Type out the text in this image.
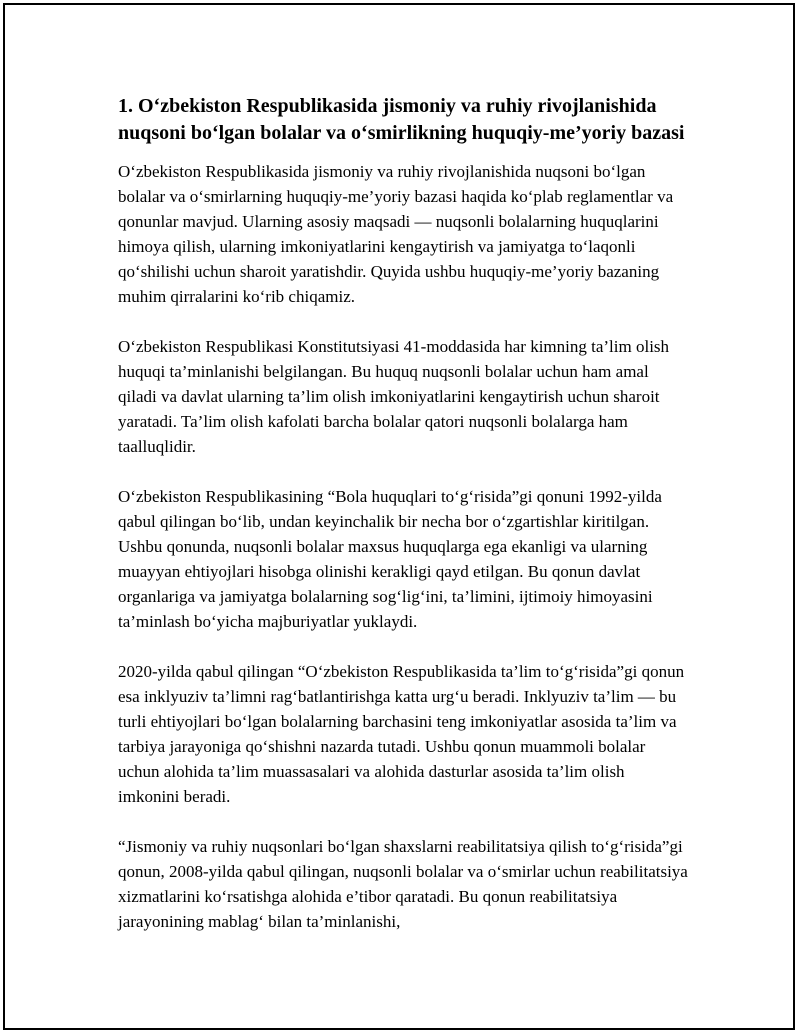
1. O‘zbekiston Respublikasida jismoniy va ruhiy rivojlanishida nuqsoni bo‘lgan bolalar va o‘smirlikning huquqiy-me’yoriy bazasi

O‘zbekiston Respublikasida jismoniy va ruhiy rivojlanishida nuqsoni bo‘lgan bolalar va o‘smirlarning huquqiy-me’yoriy bazasi haqida ko‘plab reglamentlar va qonunlar mavjud. Ularning asosiy maqsadi — nuqsonli bolalarning huquqlarini himoya qilish, ularning imkoniyatlarini kengaytirish va jamiyatga to‘laqonli qo‘shilishi uchun sharoit yaratishdir. Quyida ushbu huquqiy-me’yoriy bazaning muhim qirralarini ko‘rib chiqamiz.

O‘zbekiston Respublikasi Konstitutsiyasi 41-moddasida har kimning ta’lim olish huquqi ta’minlanishi belgilangan. Bu huquq nuqsonli bolalar uchun ham amal qiladi va davlat ularning ta’lim olish imkoniyatlarini kengaytirish uchun sharoit yaratadi. Ta’lim olish kafolati barcha bolalar qatori nuqsonli bolalarga ham taalluqlidir.

O‘zbekiston Respublikasining “Bola huquqlari to‘g‘risida”gi qonuni 1992-yilda qabul qilingan bo‘lib, undan keyinchalik bir necha bor o‘zgartishlar kiritilgan. Ushbu qonunda, nuqsonli bolalar maxsus huquqlarga ega ekanligi va ularning muayyan ehtiyojlari hisobga olinishi kerakligi qayd etilgan. Bu qonun davlat organlariga va jamiyatga bolalarning sog‘lig‘ini, ta’limini, ijtimoiy himoyasini ta’minlash bo‘yicha majburiyatlar yuklaydi.

2020-yilda qabul qilingan “O‘zbekiston Respublikasida ta’lim to‘g‘risida”gi qonun esa inklyuziv ta’limni rag‘batlantirishga katta urg‘u beradi. Inklyuziv ta’lim — bu turli ehtiyojlari bo‘lgan bolalarning barchasini teng imkoniyatlar asosida ta’lim va tarbiya jarayoniga qo‘shishni nazarda tutadi. Ushbu qonun muammoli bolalar uchun alohida ta’lim muassasalari va alohida dasturlar asosida ta’lim olish imkonini beradi.

“Jismoniy va ruhiy nuqsonlari bo‘lgan shaxslarni reabilitatsiya qilish to‘g‘risida”gi qonun, 2008-yilda qabul qilingan, nuqsonli bolalar va o‘smirlar uchun reabilitatsiya xizmatlarini ko‘rsatishga alohida e’tibor qaratadi. Bu qonun reabilitatsiya jarayonining mablag‘ bilan ta’minlanishi,
